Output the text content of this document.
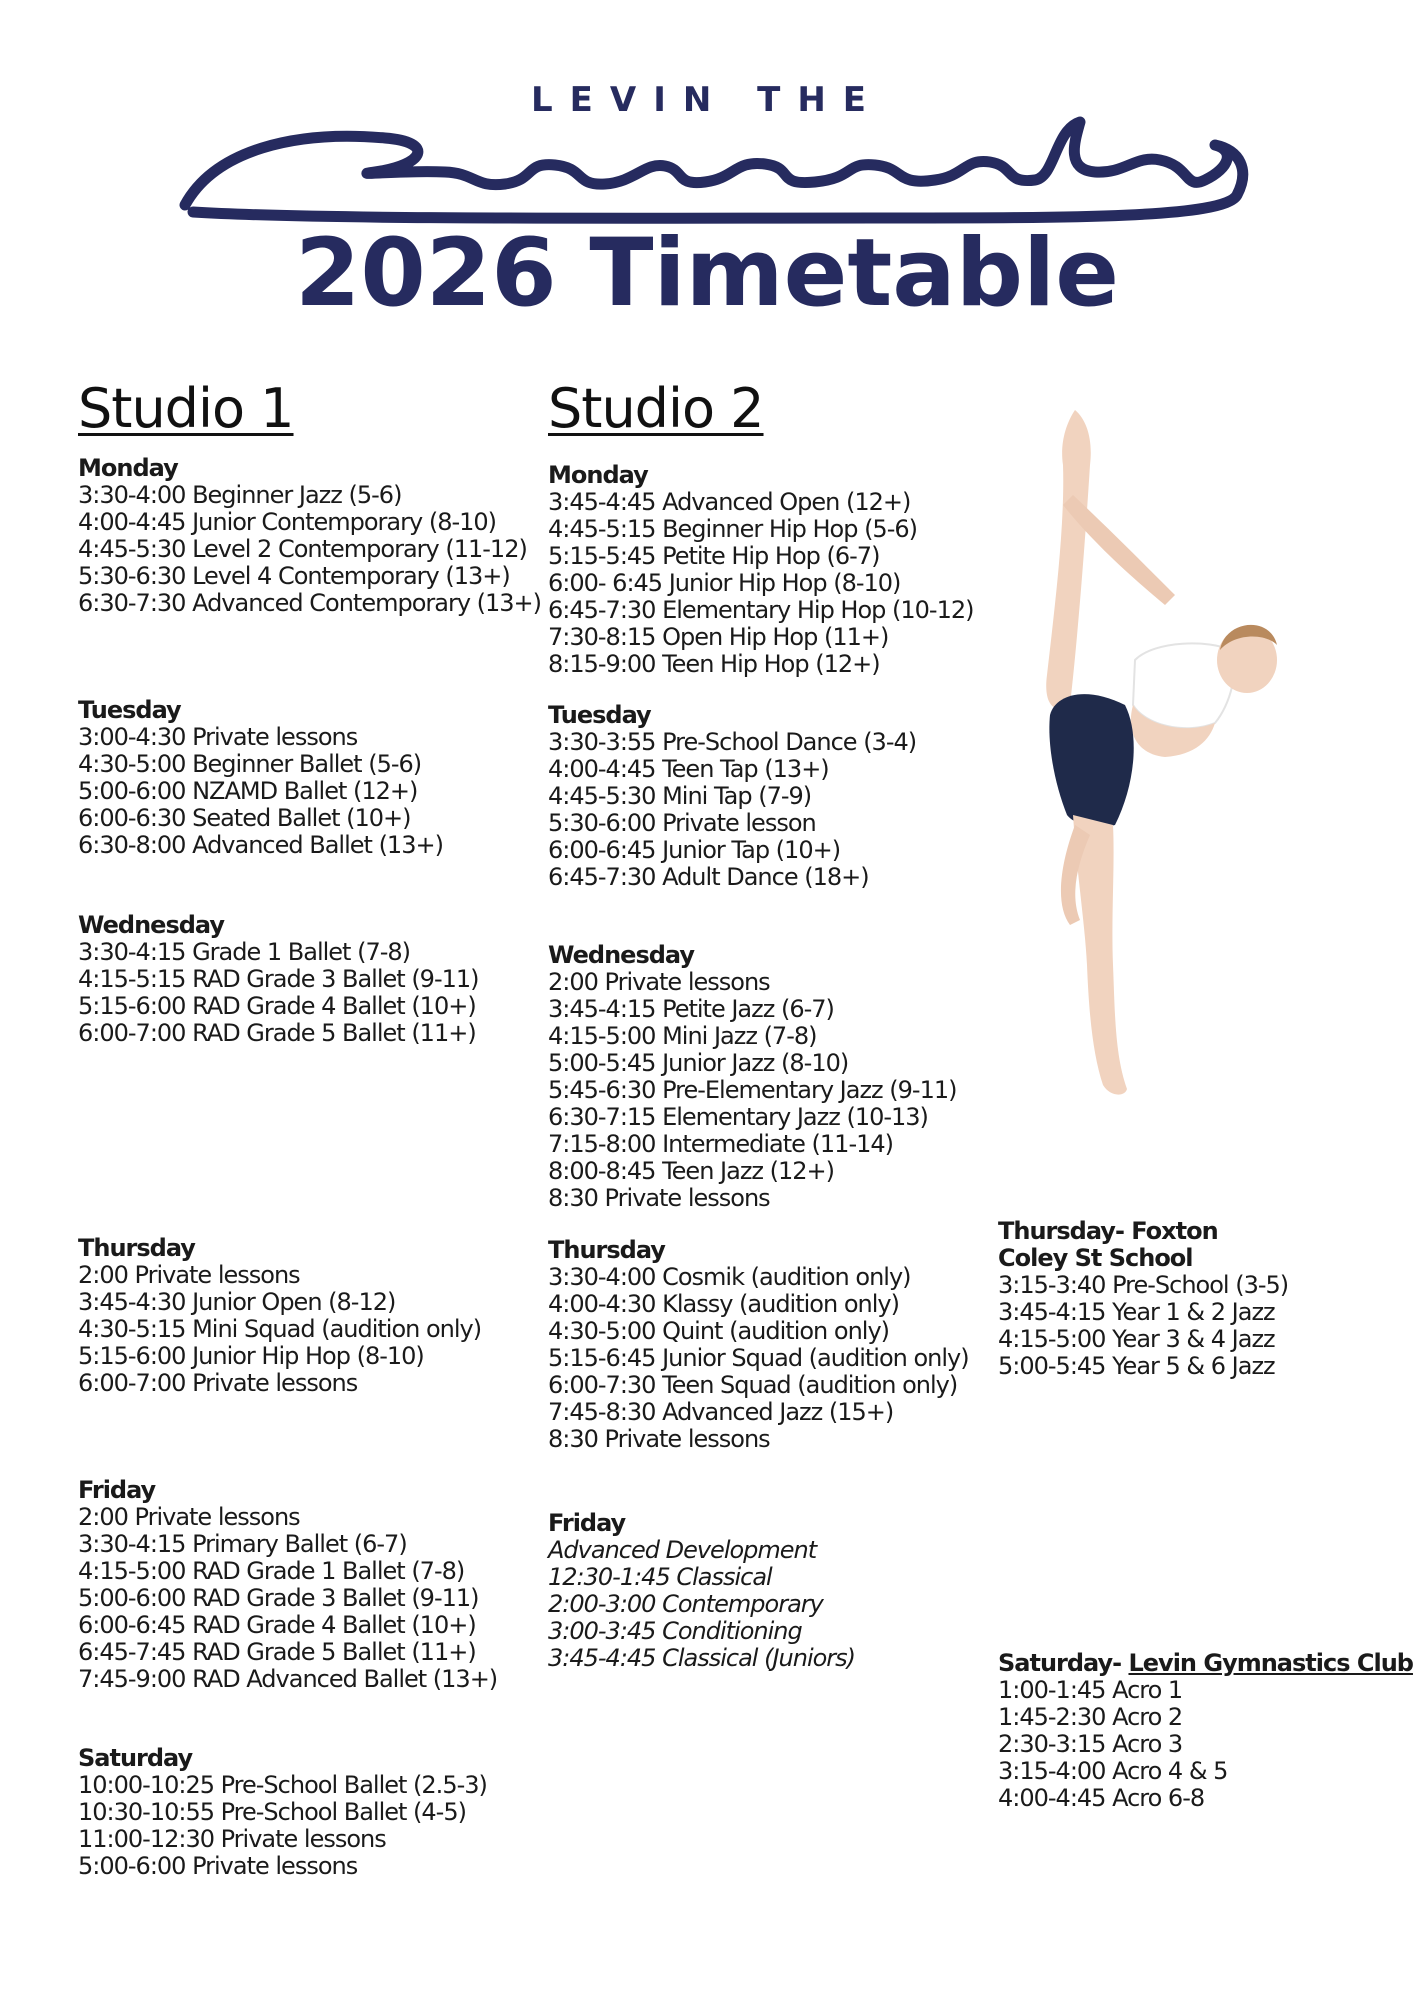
LEVIN THE
2026 Timetable
Studio 1	Studio 2
Monday
3:30-4:00 Beginner Jazz (5-6)
4:00-4:45 Junior Contemporary (8-10)
4:45-5:30 Level 2 Contemporary (11-12)
5:30-6:30 Level 4 Contemporary (13+)
6:30-7:30 Advanced Contemporary (13+)
Tuesday
3:00-4:30 Private lessons
4:30-5:00 Beginner Ballet (5-6)
5:00-6:00 NZAMD Ballet (12+)
6:00-6:30 Seated Ballet (10+)
6:30-8:00 Advanced Ballet (13+)
Wednesday
3:30-4:15 Grade 1 Ballet (7-8)
4:15-5:15 RAD Grade 3 Ballet (9-11)
5:15-6:00 RAD Grade 4 Ballet (10+)
6:00-7:00 RAD Grade 5 Ballet (11+)
Thursday
2:00 Private lessons
3:45-4:30 Junior Open (8-12)
4:30-5:15 Mini Squad (audition only)
5:15-6:00 Junior Hip Hop (8-10)
6:00-7:00 Private lessons
Friday
2:00 Private lessons
3:30-4:15 Primary Ballet (6-7)
4:15-5:00 RAD Grade 1 Ballet (7-8)
5:00-6:00 RAD Grade 3 Ballet (9-11)
6:00-6:45 RAD Grade 4 Ballet (10+)
6:45-7:45 RAD Grade 5 Ballet (11+)
7:45-9:00 RAD Advanced Ballet (13+)
Saturday
10:00-10:25 Pre-School Ballet (2.5-3)
10:30-10:55 Pre-School Ballet (4-5)
11:00-12:30 Private lessons
5:00-6:00 Private lessons
Monday
3:45-4:45 Advanced Open (12+)
4:45-5:15 Beginner Hip Hop (5-6)
5:15-5:45 Petite Hip Hop (6-7)
6:00- 6:45 Junior Hip Hop (8-10)
6:45-7:30 Elementary Hip Hop (10-12)
7:30-8:15 Open Hip Hop (11+)
8:15-9:00 Teen Hip Hop (12+)
Tuesday
3:30-3:55 Pre-School Dance (3-4)
4:00-4:45 Teen Tap (13+)
4:45-5:30 Mini Tap (7-9)
5:30-6:00 Private lesson
6:00-6:45 Junior Tap (10+)
6:45-7:30 Adult Dance (18+)
Wednesday
2:00 Private lessons
3:45-4:15 Petite Jazz (6-7)
4:15-5:00 Mini Jazz (7-8)
5:00-5:45 Junior Jazz (8-10)
5:45-6:30 Pre-Elementary Jazz (9-11)
6:30-7:15 Elementary Jazz (10-13)
7:15-8:00 Intermediate (11-14)
8:00-8:45 Teen Jazz (12+)
8:30 Private lessons
Thursday
3:30-4:00 Cosmik (audition only)
4:00-4:30 Klassy (audition only)
4:30-5:00 Quint (audition only)
5:15-6:45 Junior Squad (audition only)
6:00-7:30 Teen Squad (audition only)
7:45-8:30 Advanced Jazz (15+)
8:30 Private lessons
Friday
Advanced Development
12:30-1:45 Classical
2:00-3:00 Contemporary
3:00-3:45 Conditioning
3:45-4:45 Classical (Juniors)
Thursday- Foxton
Coley St School
3:15-3:40 Pre-School (3-5)
3:45-4:15 Year 1 & 2 Jazz
4:15-5:00 Year 3 & 4 Jazz
5:00-5:45 Year 5 & 6 Jazz
Saturday- Levin Gymnastics Club
1:00-1:45 Acro 1
1:45-2:30 Acro 2
2:30-3:15 Acro 3
3:15-4:00 Acro 4 & 5
4:00-4:45 Acro 6-8
